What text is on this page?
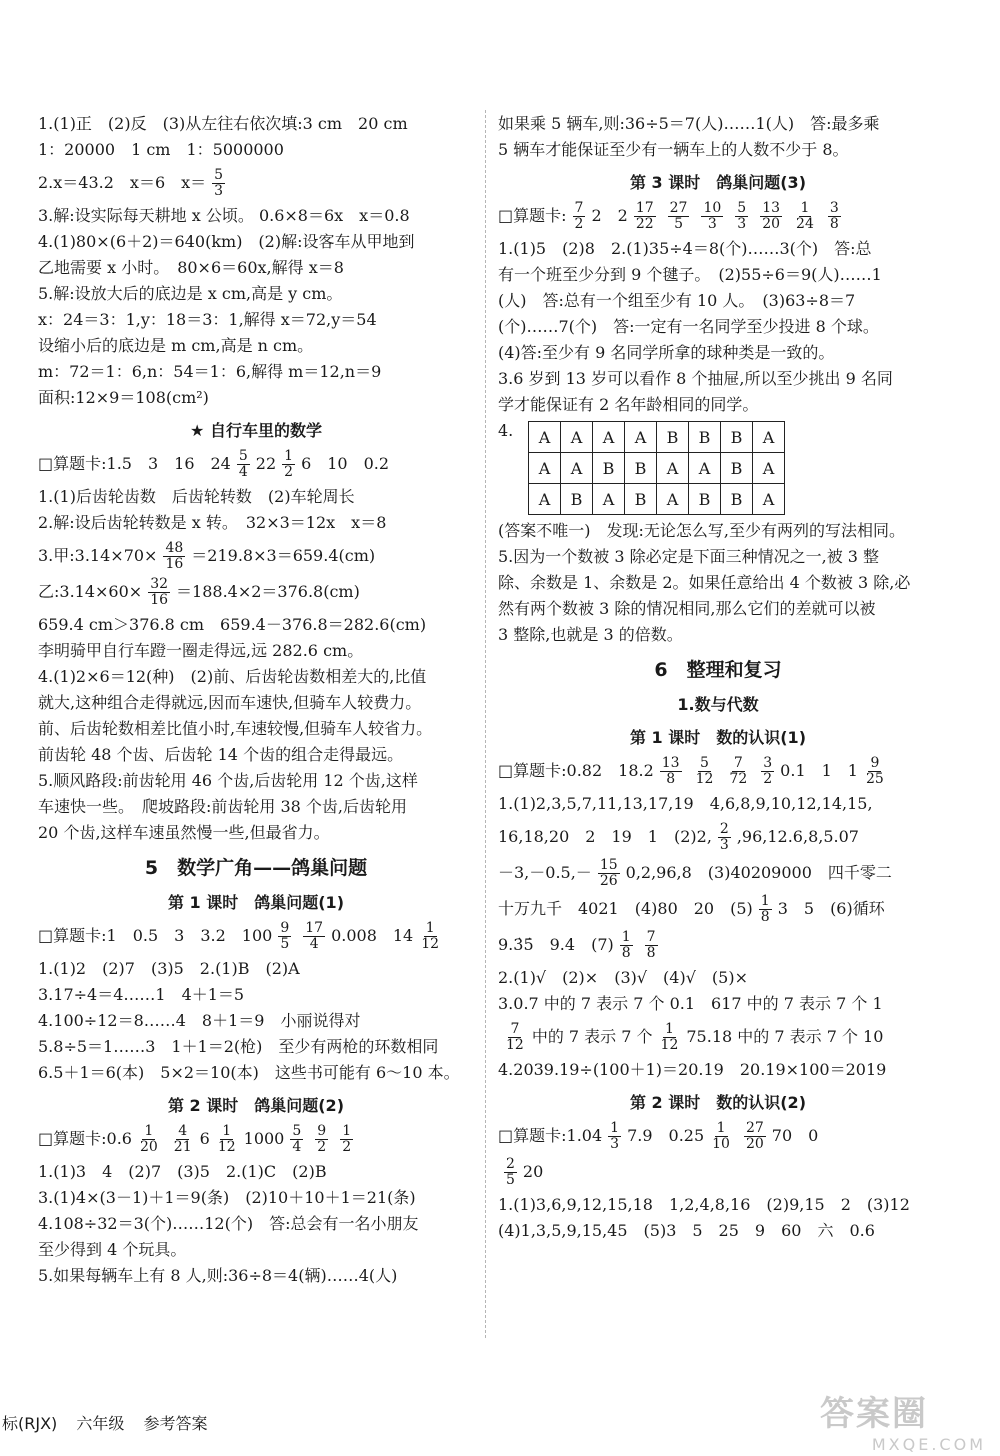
1.(1)正　(2)反　(3)从左往右依次填:3 cm　20 cm
1：20000　1 cm　1：5000000
2.x＝43.2　x＝6　$x= \frac{5}{3}$
3.解:设实际每天耕地 x 公顷。 0.6×8＝6x　x＝0.8
4.(1)80×(6＋2)＝640(km)　(2)解:设客车从甲地到
乙地需要 x 小时。　80×6＝60x,解得 x＝8
5.解:设放大后的底边是 x cm,高是 y cm。
x：24＝3：1,y：18＝3：1,解得 x＝72,y＝54
设缩小后的底边是 m cm,高是 n cm。
m：72＝1：6,n：54＝1：6,解得 m＝12,n＝9
面积:12×9＝108(cm²)
★ 自行车里的数学
□算题卡:1.5　3　16　$24 \frac{5}{4} 22 \frac{1}{2} 6$　10　0.2
1.(1)后齿轮齿数　后齿轮转数　(2)车轮周长
2.解:设后齿轮转数是 x 转。　32×3＝12x　x＝8
3.甲:3.14×70× $\frac{48}{16} =219.8\times 3=659.4(cm)$
乙:3.14×60× $\frac{32}{16} =188.4\times 2=376.8(cm)$
659.4 cm＞376.8 cm　659.4－376.8＝282.6(cm)
李明骑甲自行车蹬一圈走得远,远 282.6 cm。
4.(1)2×6＝12(种)　(2)前、后齿轮齿数相差大的,比值
就大,这种组合走得就远,因而车速快,但骑车人较费力。
前、后齿轮数相差比值小时,车速较慢,但骑车人较省力。
前齿轮 48 个齿、后齿轮 14 个齿的组合走得最远。
5.顺风路段:前齿轮用 46 个齿,后齿轮用 12 个齿,这样
车速快一些。　爬坡路段:前齿轮用 38 个齿,后齿轮用
20 个齿,这样车速虽然慢一些,但最省力。
5　数学广角——鸽巢问题
第 1 课时　鸽巢问题(1)
□算题卡:1　0.5　3　3.2　$100 \frac{9}{5} \frac{17}{4} 0.008$　$14 \frac{1}{12}$
1.(1)2　(2)7　(3)5　2.(1)B　(2)A
3.17÷4＝4……1　4＋1＝5
4.100÷12＝8……4　8＋1＝9　小丽说得对
5.8÷5＝1……3　1＋1＝2(枪)　至少有两枪的环数相同
6.5＋1＝6(本)　5×2＝10(本)　这些书可能有 6～10 本。
第 2 课时　鸽巢问题(2)
□算题卡:0.6 $\frac{1}{20} \frac{4}{21} 6 \frac{1}{12} 1000 \frac{5}{4} \frac{9}{2} \frac{1}{2}$
1.(1)3　4　(2)7　(3)5　2.(1)C　(2)B
3.(1)4×(3－1)＋1＝9(条)　(2)10＋10＋1＝21(条)
4.108÷32＝3(个)……12(个)　答:总会有一名小朋友
至少得到 4 个玩具。
5.如果每辆车上有 8 人,则:36÷8＝4(辆)……4(人)
如果乘 5 辆车,则:36÷5＝7(人)……1(人)　答:最多乘
5 辆车才能保证至少有一辆车上的人数不少于 8。
第 3 课时　鸽巢问题(3)
□算题卡: $\frac{7}{2} 2$　$2 \frac{17}{22} \frac{27}{5} \frac{10}{3} \frac{5}{3} \frac{13}{20} \frac{1}{24} \frac{3}{8}$
1.(1)5　(2)8　2.(1)35÷4＝8(个)……3(个)　答:总
有一个班至少分到 9 个毽子。　(2)55÷6＝9(人)……1
(人)　答:总有一个组至少有 10 人。　(3)63÷8＝7
(个)……7(个)　答:一定有一名同学至少投进 8 个球。
(4)答:至少有 9 名同学所拿的球种类是一致的。
3.6 岁到 13 岁可以看作 8 个抽屉,所以至少挑出 9 名同
学才能保证有 2 名年龄相同的同学。
4.	A	A	A	A	B	B	B	A
A	A	B	B	A	A	B	A
A	B	A	B	A	B	B	A
(答案不唯一)　发现:无论怎么写,至少有两列的写法相同。
5.因为一个数被 3 除必定是下面三种情况之一,被 3 整
除、余数是 1、余数是 2。如果任意给出 4 个数被 3 除,必
然有两个数被 3 除的情况相同,那么它们的差就可以被
3 整除,也就是 3 的倍数。
6　整理和复习
1.数与代数
第 1 课时　数的认识(1)
□算题卡:0.82　$18.2 \frac{13}{8} \frac{5}{12} \frac{7}{72} \frac{3}{2} 0.1$　1　$1 \frac{9}{25}$
1.(1)2,3,5,7,11,13,17,19　4,6,8,9,10,12,14,15,
16,18,20　2　19　1　(2)2, $\frac{2}{3} ,96,12.6,8,5.07$
$-3,-0.5,- \frac{15}{26} 0,2,96,8$　(3)40209000　四千零二
十万九千　4021　(4)80　20　$(5) \frac{1}{8} 3$　5　(6)循环
9.3̇5̇　9.4　$(7) \frac{1}{8} \frac{7}{8}$
2.(1)√　(2)×　(3)√　(4)√　(5)×
3.0.7 中的 7 表示 7 个 0.1　617 中的 7 表示 7 个 1
$\frac{7}{12}$ 中的 7 表示 7 个 $\frac{1}{12} 75.18$ 中的 7 表示 7 个 10
4.2039.19÷(100＋1)＝20.19　20.19×100＝2019
第 2 课时　数的认识(2)
□算题卡:1.04 $\frac{1}{3} 7.9$　$0.25 \frac{1}{10} \frac{27}{20} 70$　0
$\frac{2}{5} 20$
1.(1)3,6,9,12,15,18　1,2,4,8,16　(2)9,15　2　(3)12
(4)1,3,5,9,15,45　(5)3　5　25　9　60　六　0.6
标(RJX) 六年级 参考答案	答案圈
MXQE.COM
